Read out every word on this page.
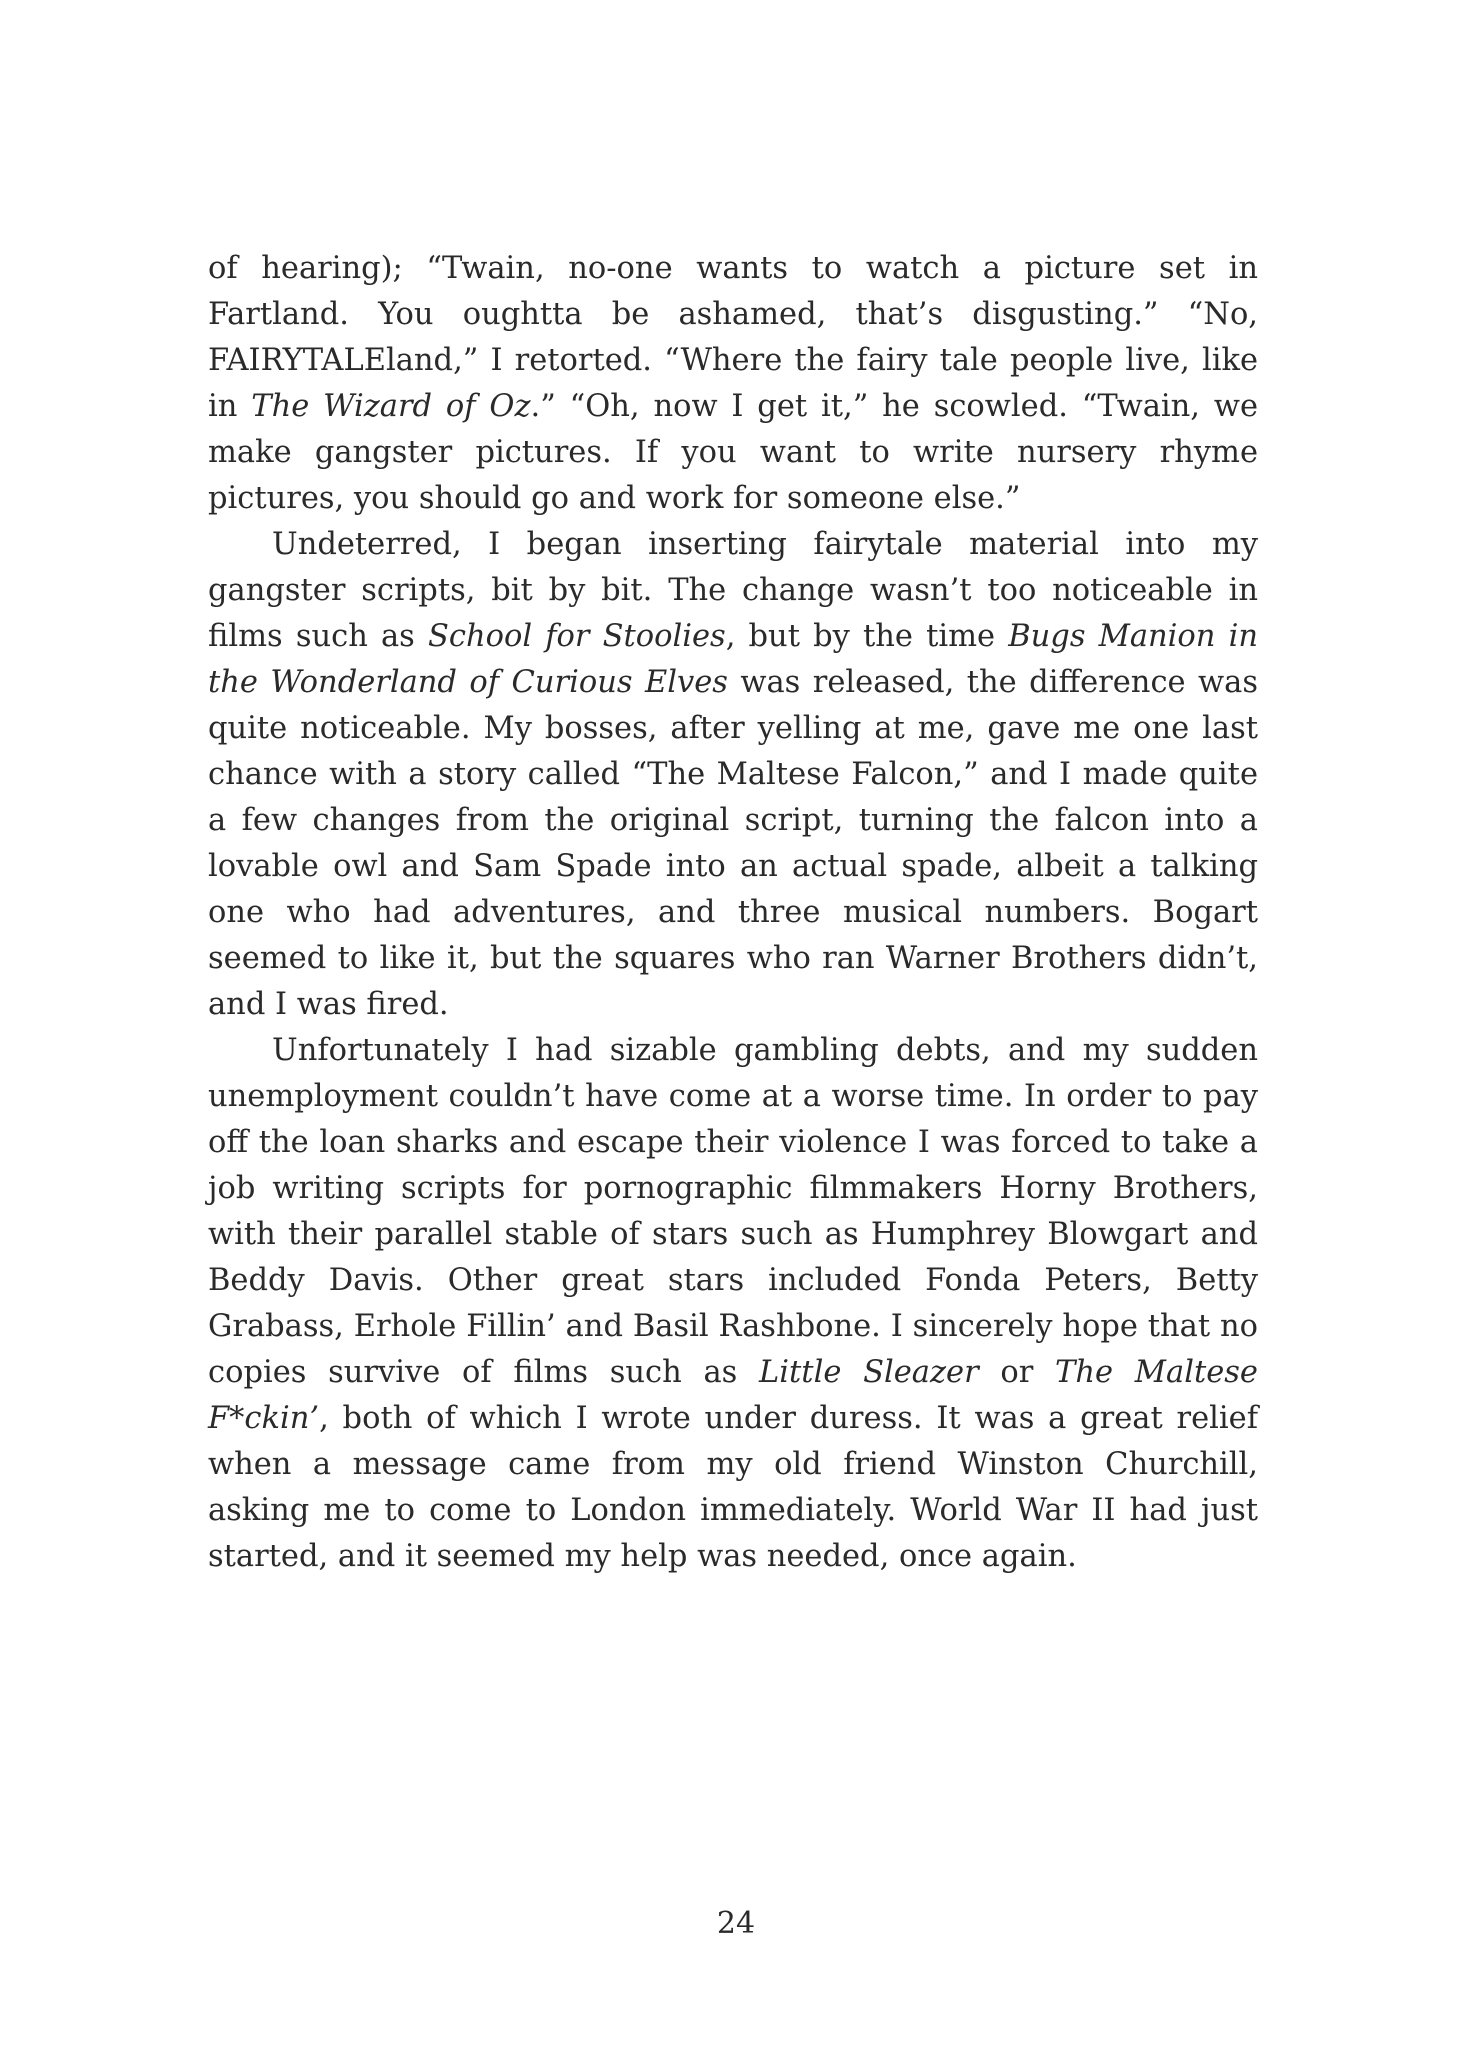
of hearing); “Twain, no-one wants to watch a picture set in Fartland. You oughtta be ashamed, that’s disgusting.” “No, FAIRYTALEland,” I retorted. “Where the fairy tale people live, like in The Wizard of Oz.” “Oh, now I get it,” he scowled. “Twain, we make gangster pictures. If you want to write nursery rhyme pictures, you should go and work for someone else.”

Undeterred, I began inserting fairytale material into my gangster scripts, bit by bit. The change wasn’t too noticeable in films such as School for Stoolies, but by the time Bugs Manion in the Wonderland of Curious Elves was released, the difference was quite noticeable. My bosses, after yelling at me, gave me one last chance with a story called “The Maltese Falcon,” and I made quite a few changes from the original script, turning the falcon into a lovable owl and Sam Spade into an actual spade, albeit a talking one who had adventures, and three musical numbers. Bogart seemed to like it, but the squares who ran Warner Brothers didn’t, and I was fired.

Unfortunately I had sizable gambling debts, and my sudden unemployment couldn’t have come at a worse time. In order to pay off the loan sharks and escape their violence I was forced to take a job writing scripts for pornographic filmmakers Horny Brothers, with their parallel stable of stars such as Humphrey Blowgart and Beddy Davis. Other great stars included Fonda Peters, Betty Grabass, Erhole Fillin’ and Basil Rashbone. I sincerely hope that no copies survive of films such as Little Sleazer or The Maltese F*ckin’, both of which I wrote under duress. It was a great relief when a message came from my old friend Winston Churchill, asking me to come to London immediately. World War II had just started, and it seemed my help was needed, once again.

24
